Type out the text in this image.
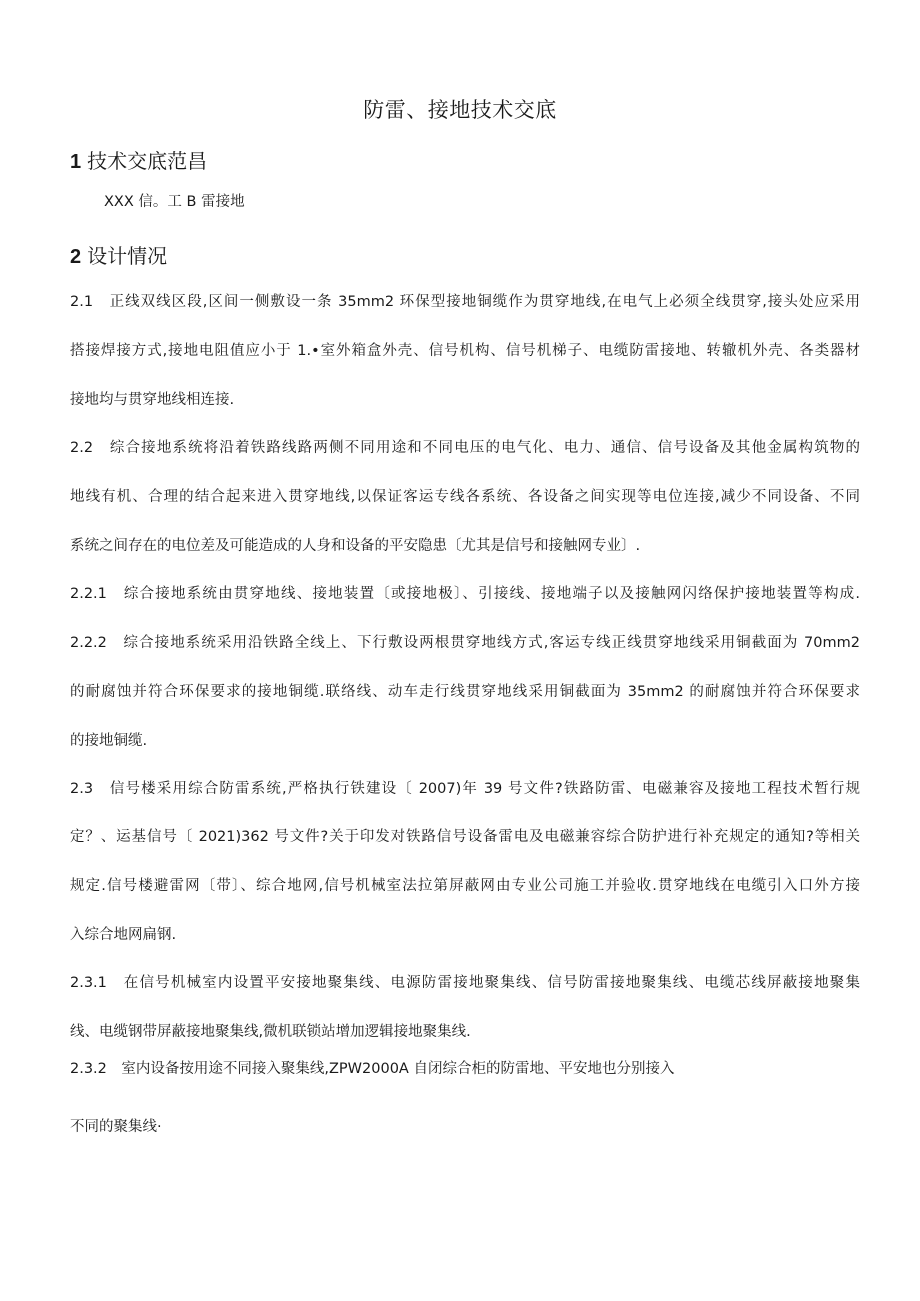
防雷、接地技术交底
1 技术交底范昌
XXX 信。工 B 雷接地
2 设计情况
2.1　正线双线区段,区间一侧敷设一条 35mm2 环保型接地铜缆作为贯穿地线,在电气上必须全线贯穿,接头处应采用
搭接焊接方式,接地电阻值应小于 1.•室外箱盒外壳、信号机构、信号机梯子、电缆防雷接地、转辙机外壳、各类器材
接地均与贯穿地线相连接.
2.2　综合接地系统将沿着铁路线路两侧不同用途和不同电压的电气化、电力、通信、信号设备及其他金属构筑物的
地线有机、合理的结合起来进入贯穿地线,以保证客运专线各系统、各设备之间实现等电位连接,减少不同设备、不同
系统之间存在的电位差及可能造成的人身和设备的平安隐患〔尤其是信号和接触网专业〕.
2.2.1　综合接地系统由贯穿地线、接地装置〔或接地极〕、引接线、接地端子以及接触网闪络保护接地装置等构成.
2.2.2　综合接地系统采用沿铁路全线上、下行敷设两根贯穿地线方式,客运专线正线贯穿地线采用铜截面为 70mm2
的耐腐蚀并符合环保要求的接地铜缆.联络线、动车走行线贯穿地线采用铜截面为 35mm2 的耐腐蚀并符合环保要求
的接地铜缆.
2.3　信号楼采用综合防雷系统,严格执行铁建设〔 2007)年 39 号文件?铁路防雷、电磁兼容及接地工程技术暂行规
定？、运基信号〔 2021)362 号文件?关于印发对铁路信号设备雷电及电磁兼容综合防护进行补充规定的通知?等相关
规定.信号楼避雷网〔带〕、综合地网,信号机械室法拉第屏蔽网由专业公司施工并验收.贯穿地线在电缆引入口外方接
入综合地网扁钢.
2.3.1　在信号机械室内设置平安接地聚集线、电源防雷接地聚集线、信号防雷接地聚集线、电缆芯线屏蔽接地聚集
线、电缆钢带屏蔽接地聚集线,微机联锁站增加逻辑接地聚集线.
2.3.2　室内设备按用途不同接入聚集线,ZPW2000A 自闭综合柜的防雷地、平安地也分别接入
不同的聚集线·
